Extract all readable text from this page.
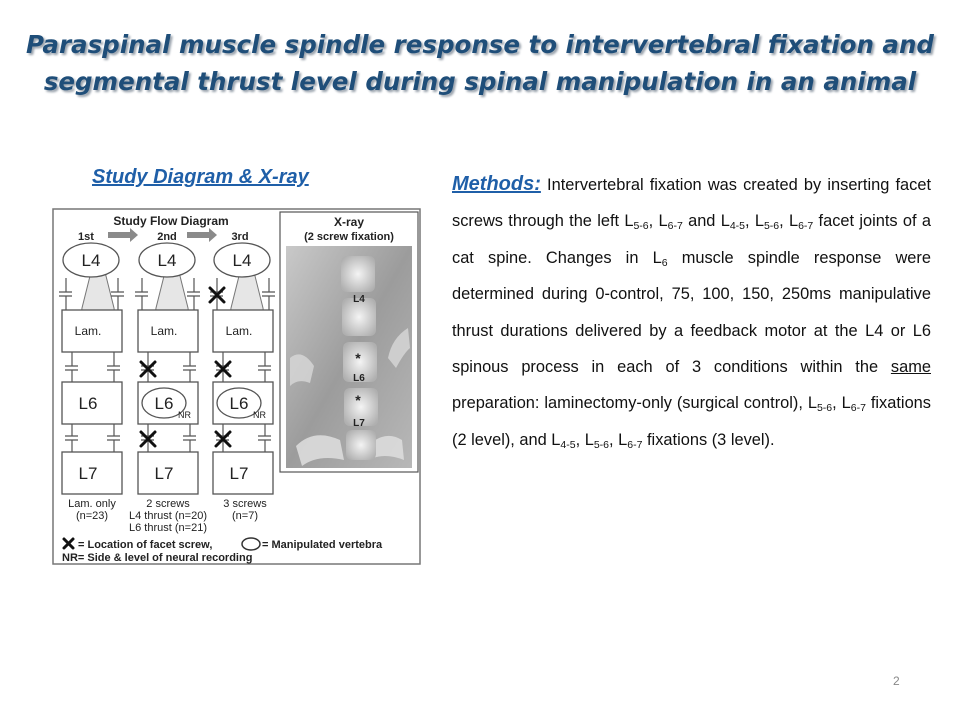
Paraspinal muscle spindle response to intervertebral fixation and
segmental thrust level during spinal manipulation in an animal
Study Diagram & X-ray	Methods: Intervertebral fixation was created by inserting facet screws through the left $L_{5-6}$, $L_{6-7}$ and $L_{4-5}$, $L_{5-6}$, $L_{6-7}$ facet joints of a cat spine. Changes in $L_6$ muscle spindle response were determined during 0-control, 75, 100, 150, 250ms manipulative thrust durations delivered by a feedback motor at the L4 or L6 spinous process in each of 3 conditions within the same preparation: laminectomy-only (surgical control), $L_{5-6}$, $L_{6-7}$ fixations (2 level), and $L_{4-5}$, $L_{5-6}$, $L_{6-7}$ fixations (3 level).
Study Flow Diagram
1st	2nd	3rd
L4
Lam.
L6
L7
Lam. only
(n=23)
L4
Lam.
L6
NR
L7
2 screws
L4 thrust (n=20)
L6 thrust (n=21)
L4
Lam.
L6
NR
L7
3 screws
(n=7)
X-ray
(2 screw fixation)
L4
*
L6
*
L7
= Location of facet screw,	= Manipulated vertebra
NR= Side & level of neural recording
2
